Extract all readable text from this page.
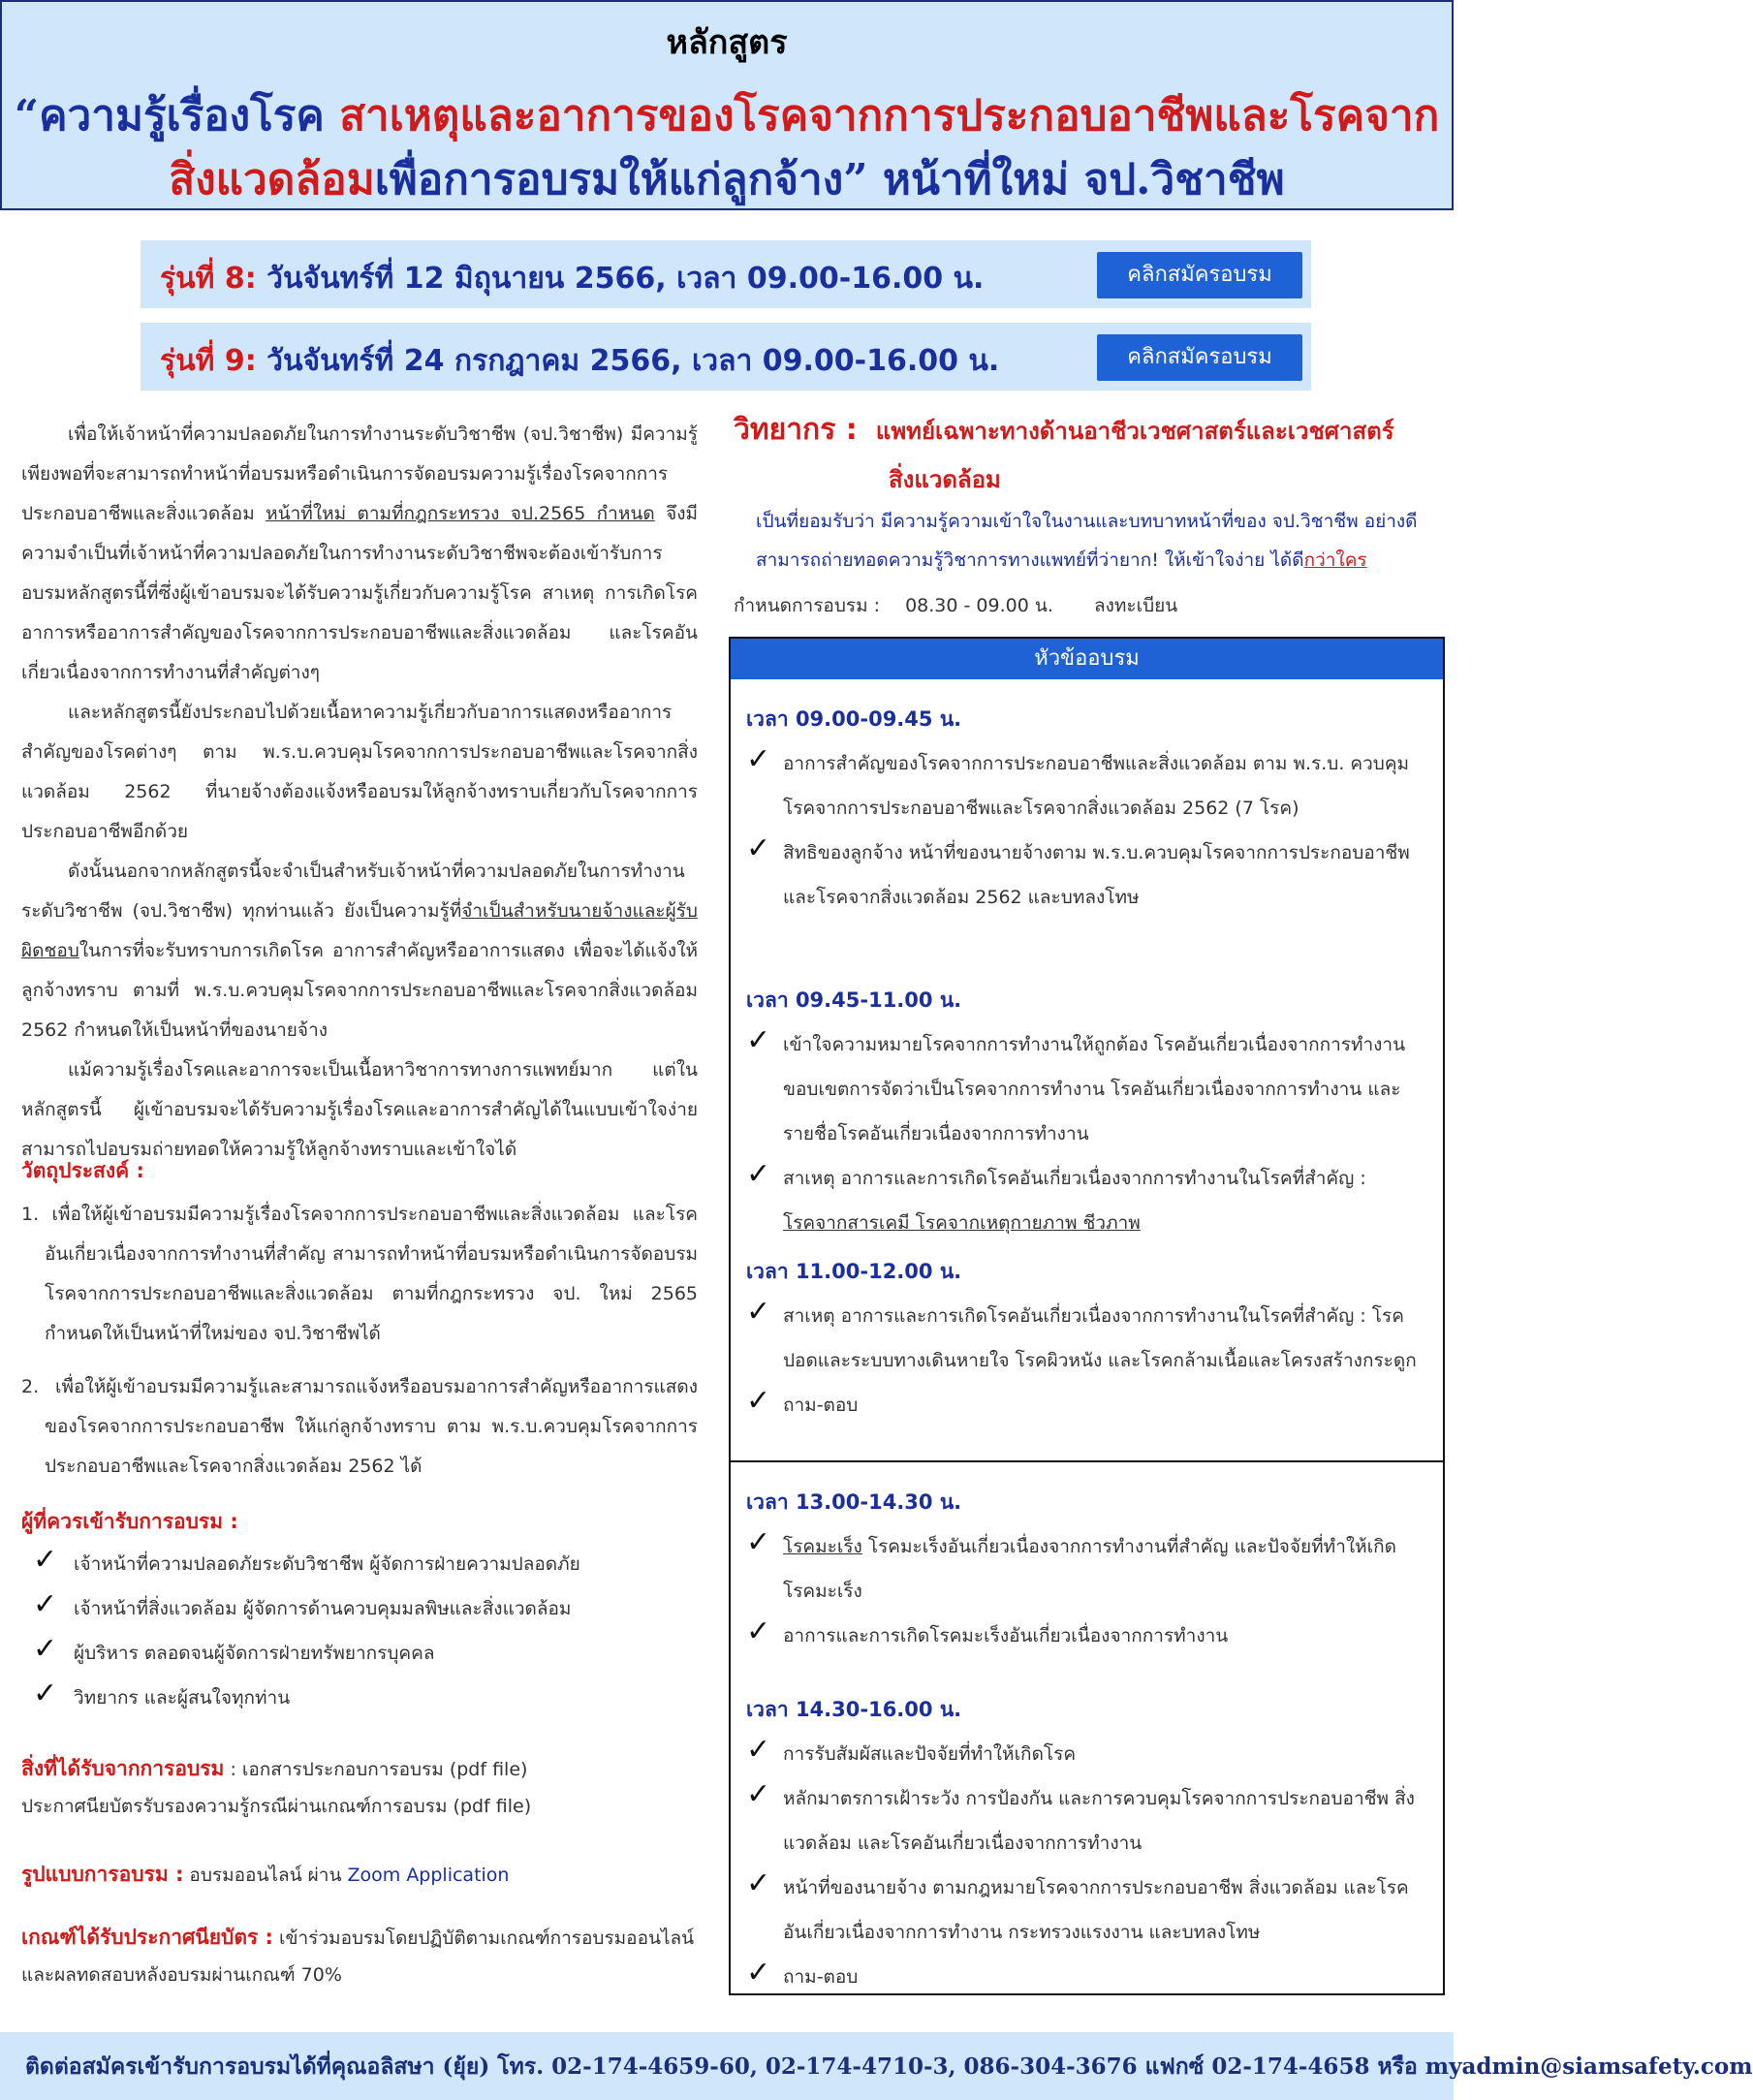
หลักสูตร
“ความรู้เรื่องโรค สาเหตุและอาการของโรคจากการประกอบอาชีพและโรคจาก
สิ่งแวดล้อมเพื่อการอบรมให้แก่ลูกจ้าง” หน้าที่ใหม่ จป.วิชาชีพ
รุ่นที่ 8: วันจันทร์ที่ 12 มิถุนายน 2566, เวลา 09.00-16.00 น.	คลิกสมัครอบรม
รุ่นที่ 9: วันจันทร์ที่ 24 กรกฎาคม 2566, เวลา 09.00-16.00 น.	คลิกสมัครอบรม

เพื่อให้เจ้าหน้าที่ความปลอดภัยในการทำงานระดับวิชาชีพ (จป.วิชาชีพ) มีความรู้เพียงพอที่จะสามารถทำหน้าที่อบรมหรือดำเนินการจัดอบรมความรู้เรื่องโรคจากการประกอบอาชีพและสิ่งแวดล้อม หน้าที่ใหม่ ตามที่กฎกระทรวง จป.2565 กำหนด จึงมีความจำเป็นที่เจ้าหน้าที่ความปลอดภัยในการทำงานระดับวิชาชีพจะต้องเข้ารับการอบรมหลักสูตรนี้ที่ซึ่งผู้เข้าอบรมจะได้รับความรู้เกี่ยวกับความรู้โรค สาเหตุ การเกิดโรค อาการหรืออาการสำคัญของโรคจากการประกอบอาชีพและสิ่งแวดล้อม และโรคอันเกี่ยวเนื่องจากการทำงานที่สำคัญต่างๆ

และหลักสูตรนี้ยังประกอบไปด้วยเนื้อหาความรู้เกี่ยวกับอาการแสดงหรืออาการสำคัญของโรคต่างๆ ตาม พ.ร.บ.ควบคุมโรคจากการประกอบอาชีพและโรคจากสิ่งแวดล้อม 2562 ที่นายจ้างต้องแจ้งหรืออบรมให้ลูกจ้างทราบเกี่ยวกับโรคจากการประกอบอาชีพอีกด้วย

ดังนั้นนอกจากหลักสูตรนี้จะจำเป็นสำหรับเจ้าหน้าที่ความปลอดภัยในการทำงานระดับวิชาชีพ (จป.วิชาชีพ) ทุกท่านแล้ว ยังเป็นความรู้ที่จำเป็นสำหรับนายจ้างและผู้รับผิดชอบในการที่จะรับทราบการเกิดโรค อาการสำคัญหรืออาการแสดง เพื่อจะได้แจ้งให้ลูกจ้างทราบ ตามที่ พ.ร.บ.ควบคุมโรคจากการประกอบอาชีพและโรคจากสิ่งแวดล้อม 2562 กำหนดให้เป็นหน้าที่ของนายจ้าง

แม้ความรู้เรื่องโรคและอาการจะเป็นเนื้อหาวิชาการทางการแพทย์มาก แต่ในหลักสูตรนี้ ผู้เข้าอบรมจะได้รับความรู้เรื่องโรคและอาการสำคัญได้ในแบบเข้าใจง่าย สามารถไปอบรมถ่ายทอดให้ความรู้ให้ลูกจ้างทราบและเข้าใจได้

วัตถุประสงค์ :

1. เพื่อให้ผู้เข้าอบรมมีความรู้เรื่องโรคจากการประกอบอาชีพและสิ่งแวดล้อม และโรคอันเกี่ยวเนื่องจากการทำงานที่สำคัญ สามารถทำหน้าที่อบรมหรือดำเนินการจัดอบรมโรคจากการประกอบอาชีพและสิ่งแวดล้อม ตามที่กฎกระทรวง จป. ใหม่ 2565 กำหนดให้เป็นหน้าที่ใหม่ของ จป.วิชาชีพได้

2. เพื่อให้ผู้เข้าอบรมมีความรู้และสามารถแจ้งหรืออบรมอาการสำคัญหรืออาการแสดงของโรคจากการประกอบอาชีพ ให้แก่ลูกจ้างทราบ ตาม พ.ร.บ.ควบคุมโรคจากการประกอบอาชีพและโรคจากสิ่งแวดล้อม 2562 ได้

ผู้ที่ควรเข้ารับการอบรม :
✓ เจ้าหน้าที่ความปลอดภัยระดับวิชาชีพ ผู้จัดการฝ่ายความปลอดภัย
✓ เจ้าหน้าที่สิ่งแวดล้อม ผู้จัดการด้านควบคุมมลพิษและสิ่งแวดล้อม
✓ ผู้บริหาร ตลอดจนผู้จัดการฝ่ายทรัพยากรบุคคล
✓ วิทยากร และผู้สนใจทุกท่าน
สิ่งที่ได้รับจากการอบรม : เอกสารประกอบการอบรม (pdf file)
ประกาศนียบัตรรับรองความรู้กรณีผ่านเกณฑ์การอบรม (pdf file)
รูปแบบการอบรม : อบรมออนไลน์ ผ่าน Zoom Application
เกณฑ์ได้รับประกาศนียบัตร : เข้าร่วมอบรมโดยปฏิบัติตามเกณฑ์การอบรมออนไลน์และผลทดสอบหลังอบรมผ่านเกณฑ์ 70%
วิทยากร : แพทย์เฉพาะทางด้านอาชีวเวชศาสตร์และเวชศาสตร์
สิ่งแวดล้อม
เป็นที่ยอมรับว่า มีความรู้ความเข้าใจในงานและบทบาทหน้าที่ของ จป.วิชาชีพ อย่างดี สามารถถ่ายทอดความรู้วิชาการทางแพทย์ที่ว่ายาก! ให้เข้าใจง่าย ได้ดีกว่าใคร
กำหนดการอบรม : 08.30 - 09.00 น. ลงทะเบียน
หัวข้ออบรม
เวลา 09.00-09.45 น.
✓ อาการสำคัญของโรคจากการประกอบอาชีพและสิ่งแวดล้อม ตาม พ.ร.บ. ควบคุมโรคจากการประกอบอาชีพและโรคจากสิ่งแวดล้อม 2562 (7 โรค)
✓ สิทธิของลูกจ้าง หน้าที่ของนายจ้างตาม พ.ร.บ.ควบคุมโรคจากการประกอบอาชีพและโรคจากสิ่งแวดล้อม 2562 และบทลงโทษ
เวลา 09.45-11.00 น.
✓ เข้าใจความหมายโรคจากการทำงานให้ถูกต้อง โรคอันเกี่ยวเนื่องจากการทำงาน ขอบเขตการจัดว่าเป็นโรคจากการทำงาน โรคอันเกี่ยวเนื่องจากการทำงาน และรายชื่อโรคอันเกี่ยวเนื่องจากการทำงาน
✓ สาเหตุ อาการและการเกิดโรคอันเกี่ยวเนื่องจากการทำงานในโรคที่สำคัญ :
โรคจากสารเคมี โรคจากเหตุกายภาพ ชีวภาพ
เวลา 11.00-12.00 น.
✓ สาเหตุ อาการและการเกิดโรคอันเกี่ยวเนื่องจากการทำงานในโรคที่สำคัญ : โรคปอดและระบบทางเดินหายใจ โรคผิวหนัง และโรคกล้ามเนื้อและโครงสร้างกระดูก
✓ ถาม-ตอบ
เวลา 13.00-14.30 น.
✓ โรคมะเร็ง โรคมะเร็งอันเกี่ยวเนื่องจากการทำงานที่สำคัญ และปัจจัยที่ทำให้เกิดโรคมะเร็ง
✓ อาการและการเกิดโรคมะเร็งอันเกี่ยวเนื่องจากการทำงาน
เวลา 14.30-16.00 น.
✓ การรับสัมผัสและปัจจัยที่ทำให้เกิดโรค
✓ หลักมาตรการเฝ้าระวัง การป้องกัน และการควบคุมโรคจากการประกอบอาชีพ สิ่งแวดล้อม และโรคอันเกี่ยวเนื่องจากการทำงาน
✓ หน้าที่ของนายจ้าง ตามกฎหมายโรคจากการประกอบอาชีพ สิ่งแวดล้อม และโรคอันเกี่ยวเนื่องจากการทำงาน กระทรวงแรงงาน และบทลงโทษ
✓ ถาม-ตอบ
ติดต่อสมัครเข้ารับการอบรมได้ที่คุณอลิสษา (ยุ้ย) โทร. 02-174-4659-60, 02-174-4710-3, 086-304-3676 แฟกซ์ 02-174-4658 หรือ myadmin@siamsafety.com
